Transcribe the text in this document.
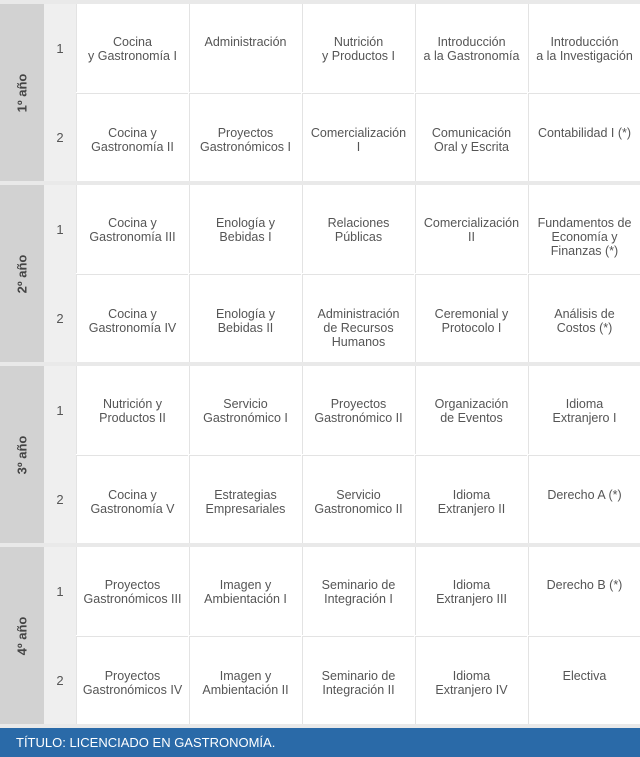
1º año
1
2
Cocina
y Gastronomía I
Administración	Nutrición
y Productos I
Introducción
a la Gastronomía
Introducción
a la Investigación
Cocina y
Gastronomía II
Proyectos
Gastronómicos I
Comercialización
I
Comunicación
Oral y Escrita
Contabilidad I (*)
2º año
1
2
Cocina y
Gastronomía III
Enología y
Bebidas I
Relaciones
Públicas
Comercialización
II
Fundamentos de
Economía y
Finanzas (*)
Cocina y
Gastronomía IV
Enología y
Bebidas II
Administración
de Recursos
Humanos
Ceremonial y
Protocolo I
Análisis de
Costos (*)
3º año
1
2
Nutrición y
Productos II
Servicio
Gastronómico I
Proyectos
Gastronómico II
Organización
de Eventos
Idioma
Extranjero I
Cocina y
Gastronomía V
Estrategias
Empresariales
Servicio
Gastronomico II
Idioma
Extranjero II
Derecho A (*)
4º año
1
2
Proyectos
Gastronómicos III
Imagen y
Ambientación I
Seminario de
Integración I
Idioma
Extranjero III
Derecho B (*)
Proyectos
Gastronómicos IV
Imagen y
Ambientación II
Seminario de
Integración II
Idioma
Extranjero IV
Electiva
TÍTULO: LICENCIADO EN GASTRONOMÍA.
